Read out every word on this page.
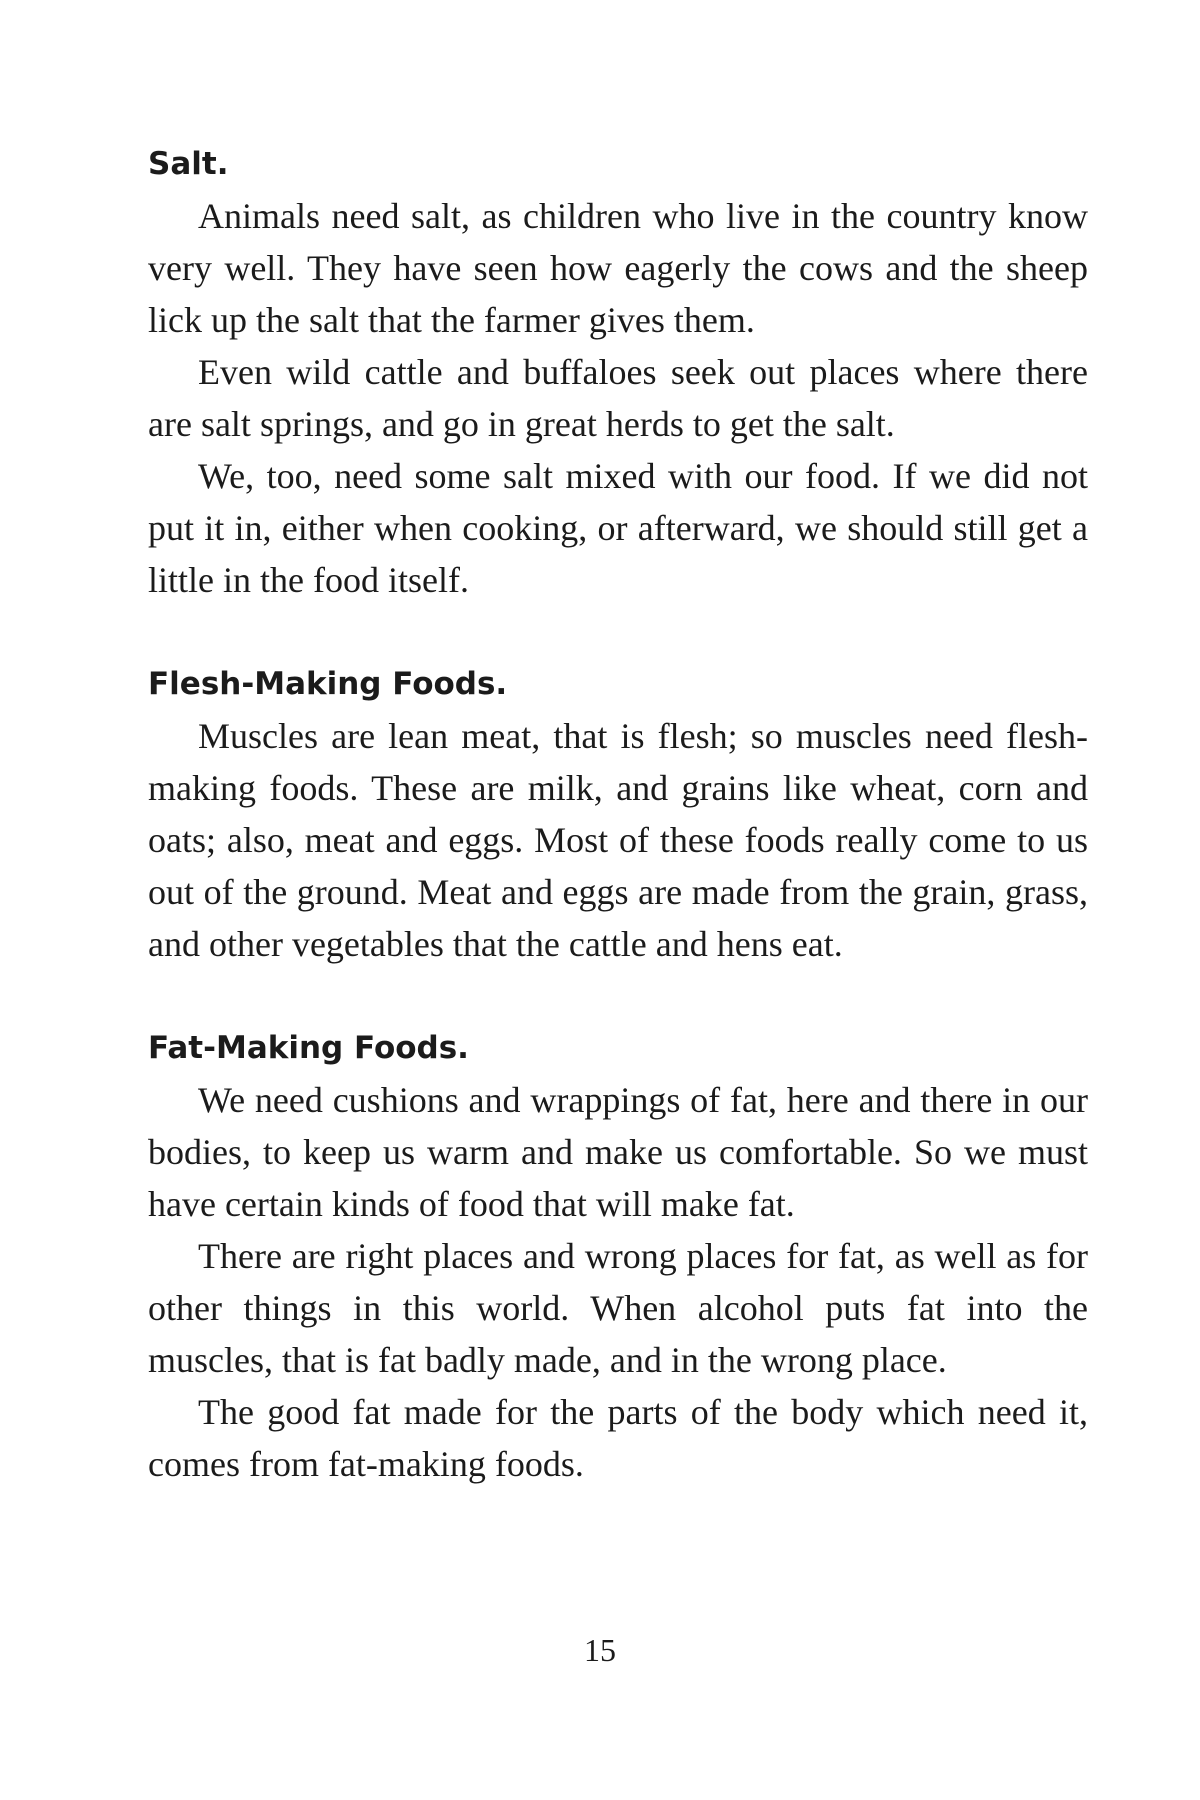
Salt.

Animals need salt, as children who live in the country know very well. They have seen how eagerly the cows and the sheep lick up the salt that the farmer gives them.

Even wild cattle and buffaloes seek out places where there are salt springs, and go in great herds to get the salt.

We, too, need some salt mixed with our food. If we did not put it in, either when cooking, or afterward, we should still get a little in the food itself.

Flesh-Making Foods.

Muscles are lean meat, that is flesh; so muscles need flesh-making foods. These are milk, and grains like wheat, corn and oats; also, meat and eggs. Most of these foods really come to us out of the ground. Meat and eggs are made from the grain, grass, and other vegetables that the cattle and hens eat.

Fat-Making Foods.

We need cushions and wrappings of fat, here and there in our bodies, to keep us warm and make us comfortable. So we must have certain kinds of food that will make fat.

There are right places and wrong places for fat, as well as for other things in this world. When alcohol puts fat into the muscles, that is fat badly made, and in the wrong place.

The good fat made for the parts of the body which need it, comes from fat-making foods.

15
